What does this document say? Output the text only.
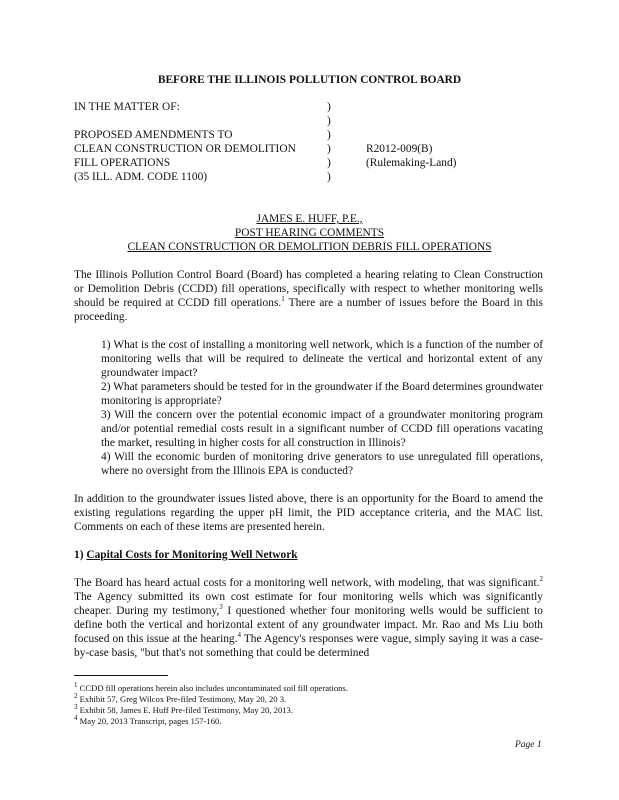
BEFORE THE ILLINOIS POLLUTION CONTROL BOARD
IN THE MATTER OF:
PROPOSED AMENDMENTS TO
CLEAN CONSTRUCTION OR DEMOLITION
FILL OPERATIONS
(35 ILL. ADM. CODE 1100)
)
)
)
)
)
)
R2012-009(B)
(Rulemaking-Land)
JAMES E. HUFF, P.E.,
POST HEARING COMMENTS
CLEAN CONSTRUCTION OR DEMOLITION DEBRIS FILL OPERATIONS
The Illinois Pollution Control Board (Board) has completed a hearing relating to Clean Construction or Demolition Debris (CCDD) fill operations, specifically with respect to whether monitoring wells should be required at CCDD fill operations.$^1$ There are a number of issues before the Board in this proceeding.
1) What is the cost of installing a monitoring well network, which is a function of the number of monitoring wells that will be required to delineate the vertical and horizontal extent of any groundwater impact?
2) What parameters should be tested for in the groundwater if the Board determines groundwater monitoring is appropriate?
3) Will the concern over the potential economic impact of a groundwater monitoring program and/or potential remedial costs result in a significant number of CCDD fill operations vacating the market, resulting in higher costs for all construction in Illinois?
4) Will the economic burden of monitoring drive generators to use unregulated fill operations, where no oversight from the Illinois EPA is conducted?
In addition to the groundwater issues listed above, there is an opportunity for the Board to amend the existing regulations regarding the upper pH limit, the PID acceptance criteria, and the MAC list. Comments on each of these items are presented herein.
1) Capital Costs for Monitoring Well Network
The Board has heard actual costs for a monitoring well network, with modeling, that was significant.$^2$ The Agency submitted its own cost estimate for four monitoring wells which was significantly cheaper. During my testimony,$^3$ I questioned whether four monitoring wells would be sufficient to define both the vertical and horizontal extent of any groundwater impact. Mr. Rao and Ms Liu both focused on this issue at the hearing.$^4$ The Agency's responses were vague, simply saying it was a case-by-case basis, "but that's not something that could be determined
$^1$ CCDD fill operations herein also includes uncontaminated soil fill operations.
$^2$ Exhibit 57, Greg Wilcox Pre-filed Testimony, May 20, 20 3.
$^3$ Exhibit 58, James E. Huff Pre-filed Testimony, May 20, 2013.
$^4$ May 20, 2013 Transcript, pages 157-160.
Page 1
